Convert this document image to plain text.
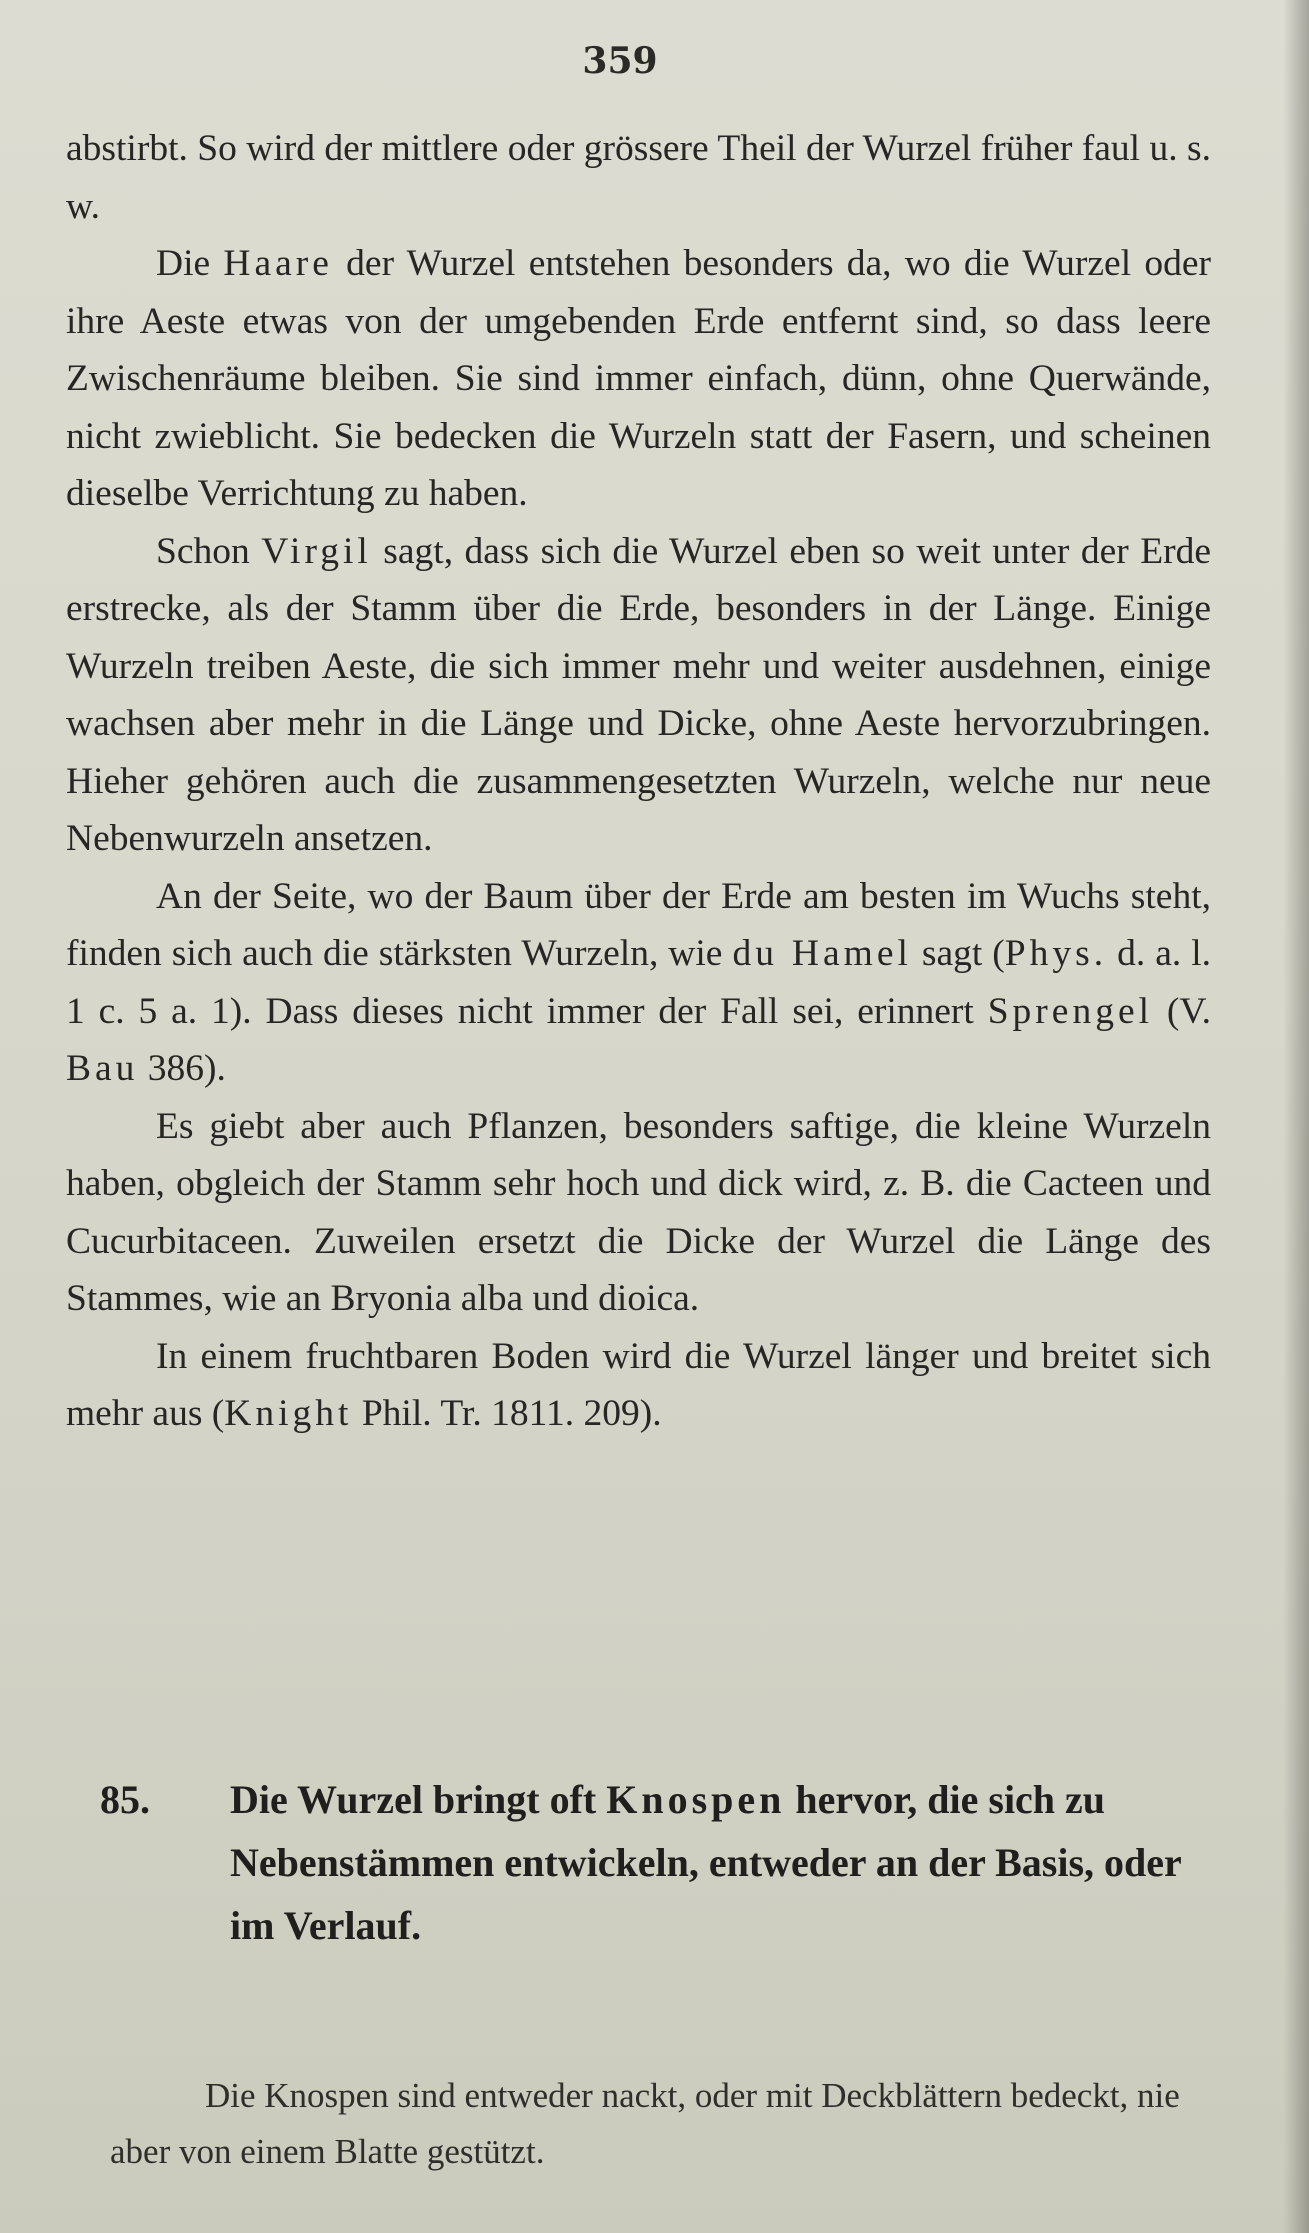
359

abstirbt. So wird der mittlere oder grössere Theil der Wurzel früher faul u. s. w.

Die Haare der Wurzel entstehen besonders da, wo die Wurzel oder ihre Aeste etwas von der umgebenden Erde entfernt sind, so dass leere Zwischenräume bleiben. Sie sind immer einfach, dünn, ohne Querwände, nicht zwieblicht. Sie bedecken die Wurzeln statt der Fasern, und scheinen dieselbe Verrichtung zu haben.

Schon Virgil sagt, dass sich die Wurzel eben so weit unter der Erde erstrecke, als der Stamm über die Erde, besonders in der Länge. Einige Wurzeln treiben Aeste, die sich immer mehr und weiter ausdehnen, einige wachsen aber mehr in die Länge und Dicke, ohne Aeste hervorzubringen. Hieher gehören auch die zusammengesetzten Wurzeln, welche nur neue Nebenwurzeln ansetzen.

An der Seite, wo der Baum über der Erde am besten im Wuchs steht, finden sich auch die stärksten Wurzeln, wie du Hamel sagt (Phys. d. a. l. 1 c. 5 a. 1). Dass dieses nicht immer der Fall sei, erinnert Sprengel (V. Bau 386).

Es giebt aber auch Pflanzen, besonders saftige, die kleine Wurzeln haben, obgleich der Stamm sehr hoch und dick wird, z. B. die Cacteen und Cucurbitaceen. Zuweilen ersetzt die Dicke der Wurzel die Länge des Stammes, wie an Bryonia alba und dioica.

In einem fruchtbaren Boden wird die Wurzel länger und breitet sich mehr aus (Knight Phil. Tr. 1811. 209).

85. Die Wurzel bringt oft Knospen hervor, die sich zu Nebenstämmen entwickeln, entweder an der Basis, oder im Verlauf.

Die Knospen sind entweder nackt, oder mit Deckblättern bedeckt, nie aber von einem Blatte gestützt.
